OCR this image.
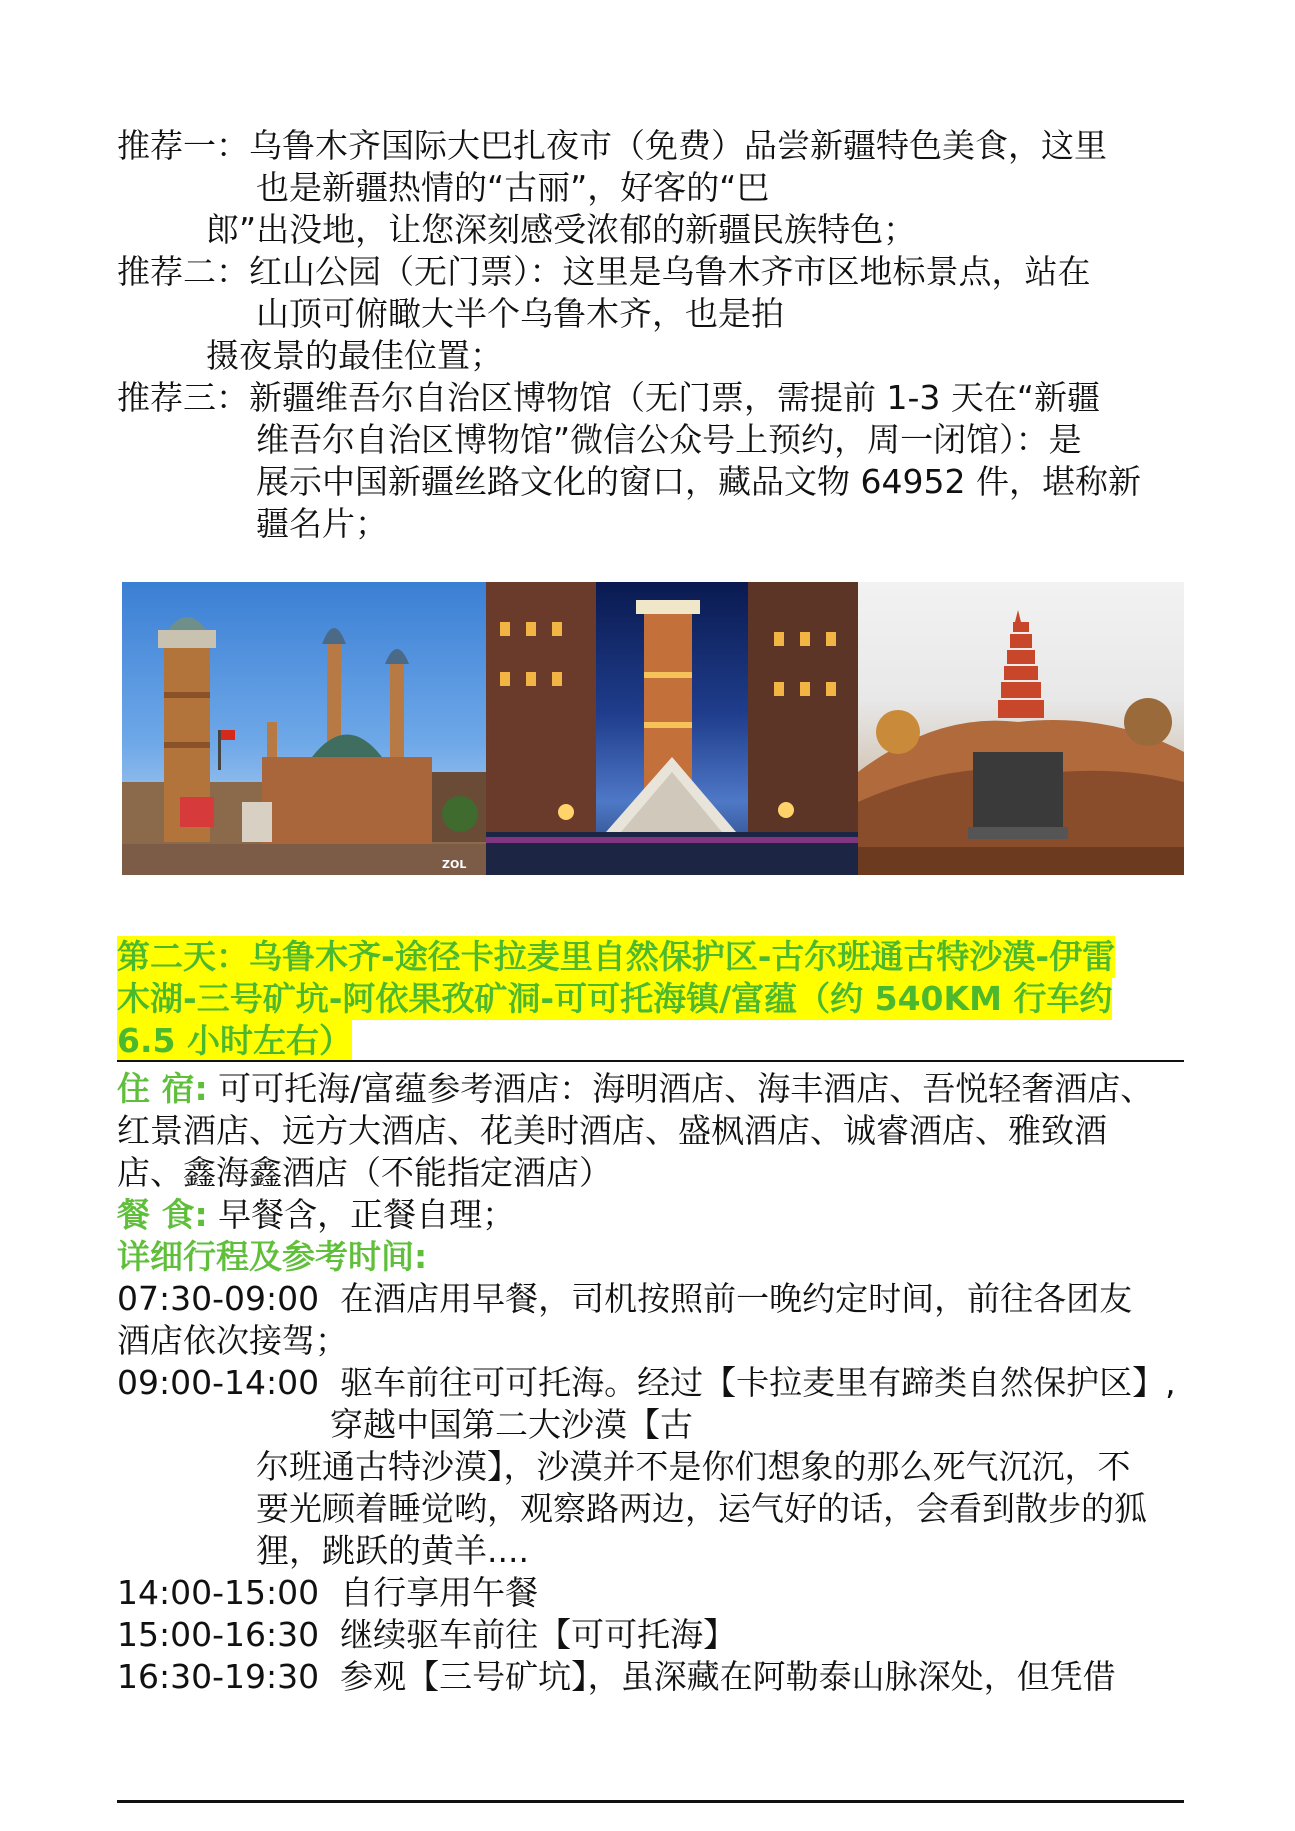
推荐一：乌鲁木齐国际大巴扎夜市（免费）品尝新疆特色美食，这里
也是新疆热情的“古丽”，好客的“巴
郎”出没地，让您深刻感受浓郁的新疆民族特色；
推荐二：红山公园（无门票）：这里是乌鲁木齐市区地标景点，站在
山顶可俯瞰大半个乌鲁木齐，也是拍
摄夜景的最佳位置；
推荐三：新疆维吾尔自治区博物馆（无门票，需提前 1-3 天在“新疆
维吾尔自治区博物馆”微信公众号上预约，周一闭馆）：是
展示中国新疆丝路文化的窗口，藏品文物 64952 件，堪称新
疆名片；
ZOL
第二天：乌鲁木齐-途径卡拉麦里自然保护区-古尔班通古特沙漠-伊雷
木湖-三号矿坑-阿依果孜矿洞-可可托海镇/富蕴（约 540KM 行车约
6.5 小时左右）
住 宿: 可可托海/富蕴参考酒店：海明酒店、海丰酒店、吾悦轻奢酒店、
红景酒店、远方大酒店、花美时酒店、盛枫酒店、诚睿酒店、雅致酒
店、鑫海鑫酒店（不能指定酒店）
餐 食: 早餐含，正餐自理；
详细行程及参考时间:
07:30-09:00 在酒店用早餐，司机按照前一晚约定时间，前往各团友
酒店依次接驾；
09:00-14:00 驱车前往可可托海。经过【卡拉麦里有蹄类自然保护区】,
穿越中国第二大沙漠【古
尔班通古特沙漠】，沙漠并不是你们想象的那么死气沉沉，不
要光顾着睡觉哟，观察路两边，运气好的话，会看到散步的狐
狸，跳跃的黄羊....
14:00-15:00 自行享用午餐
15:00-16:30 继续驱车前往【可可托海】
16:30-19:30 参观【三号矿坑】，虽深藏在阿勒泰山脉深处，但凭借
